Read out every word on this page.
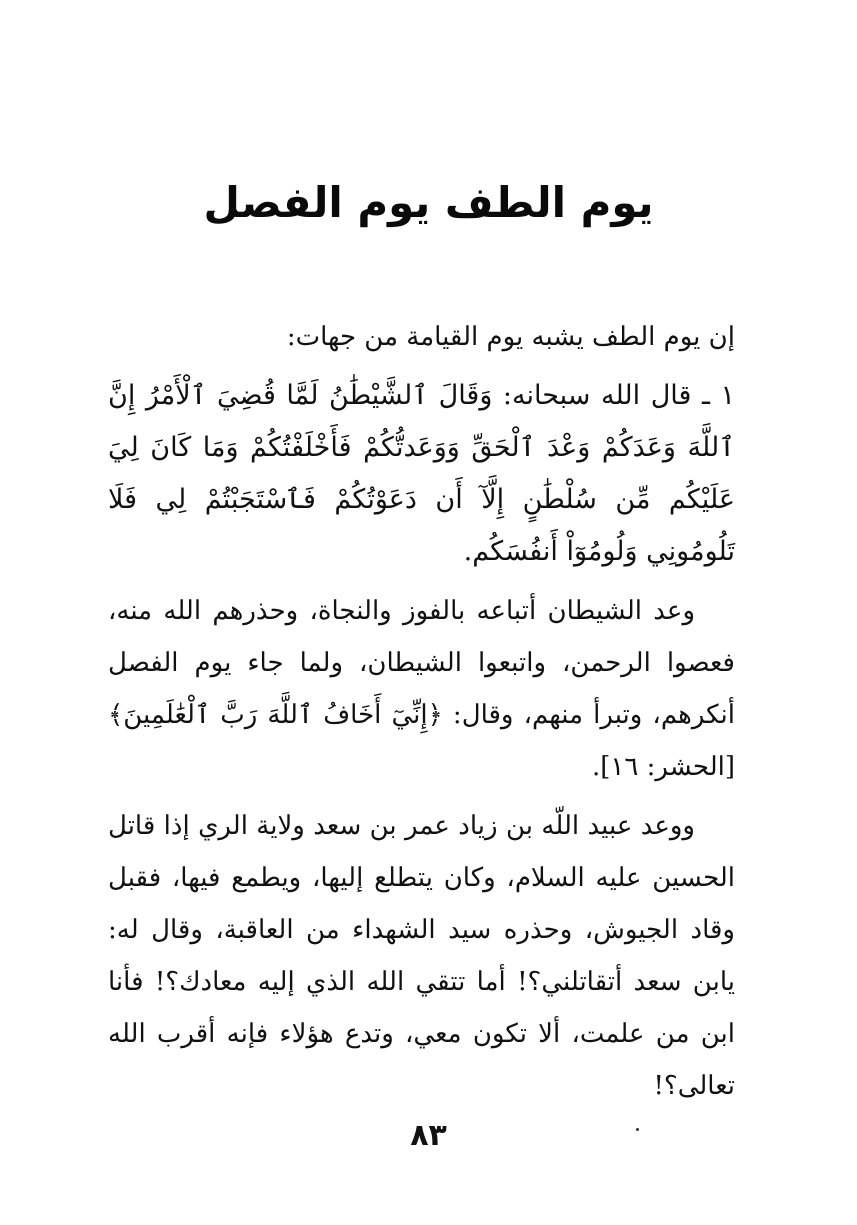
يوم الطف يوم الفصل
إن يوم الطف يشبه يوم القيامة من جهات:
١ ـ قال الله سبحانه: وَقَالَ ٱلشَّيْطَٰنُ لَمَّا قُضِيَ ٱلْأَمْرُ إِنَّ ٱللَّهَ وَعَدَكُمْ وَعْدَ ٱلْحَقِّ وَوَعَدتُّكُمْ فَأَخْلَفْتُكُمْ وَمَا كَانَ لِيَ عَلَيْكُم مِّن سُلْطَٰنٍ إِلَّآ أَن دَعَوْتُكُمْ فَٱسْتَجَبْتُمْ لِي فَلَا تَلُومُونِي وَلُومُوٓاْ أَنفُسَكُم.
وعد الشيطان أتباعه بالفوز والنجاة، وحذرهم الله منه، فعصوا الرحمن، واتبعوا الشيطان، ولما جاء يوم الفصل أنكرهم، وتبرأ منهم، وقال: ﴿إِنِّيٓ أَخَافُ ٱللَّهَ رَبَّ ٱلْعَٰلَمِينَ﴾ [الحشر: ١٦].
ووعد عبيد اللّه بن زياد عمر بن سعد ولاية الري إذا قاتل الحسين عليه السلام، وكان يتطلع إليها، ويطمع فيها، فقبل وقاد الجيوش، وحذره سيد الشهداء من العاقبة، وقال له: يابن سعد أتقاتلني؟! أما تتقي الله الذي إليه معادك؟! فأنا ابن من علمت، ألا تكون معي، وتدع هؤلاء فإنه أقرب الله تعالى؟!
٨٣
